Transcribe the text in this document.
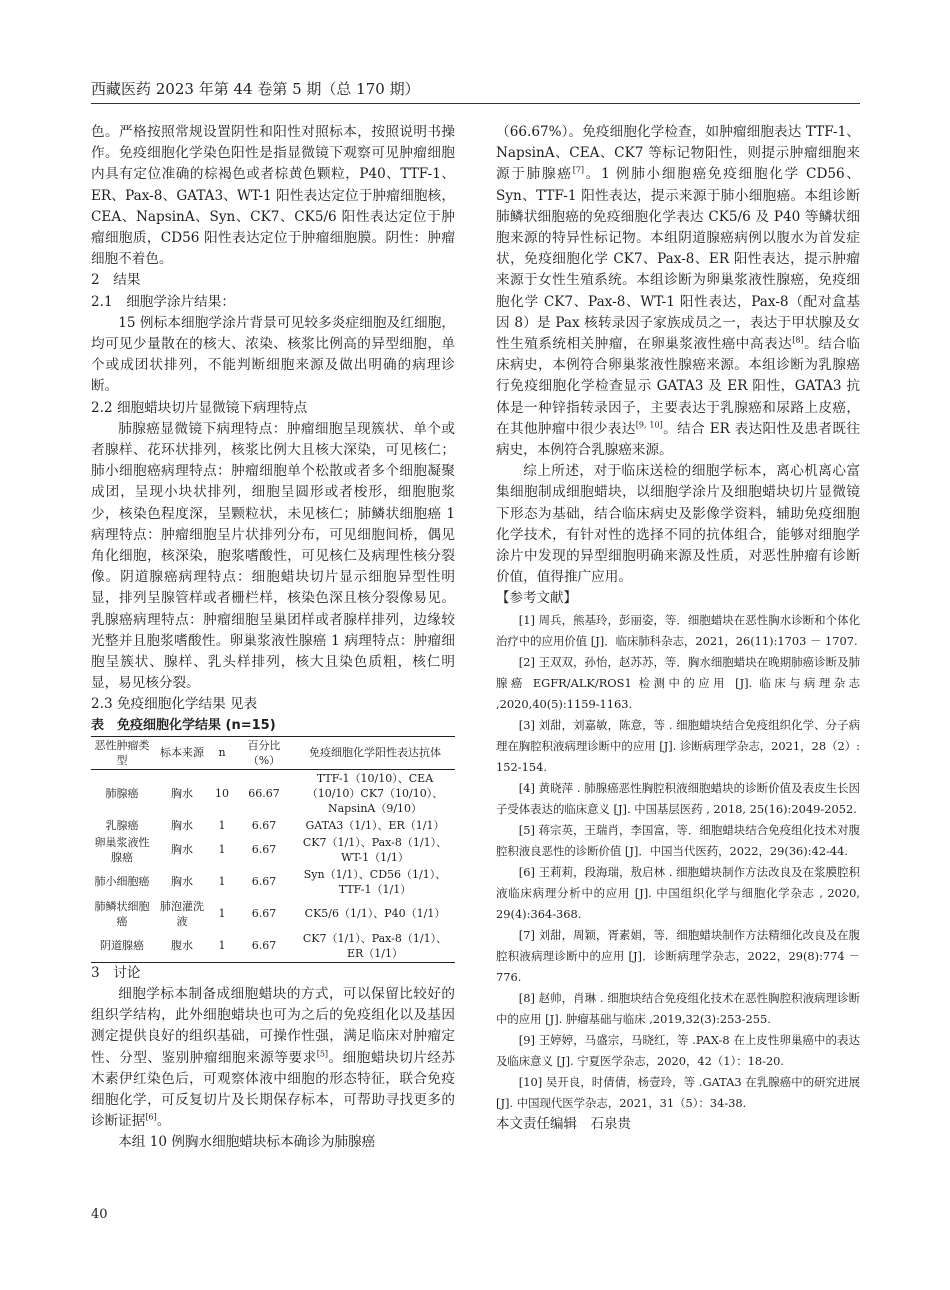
西藏医药 2023 年第 44 卷第 5 期（总 170 期）

色。严格按照常规设置阴性和阳性对照标本，按照说明书操作。免疫细胞化学染色阳性是指显微镜下观察可见肿瘤细胞内具有定位准确的棕褐色或者棕黄色颗粒，P40、TTF-1、ER、Pax-8、GATA3、WT-1 阳性表达定位于肿瘤细胞核，CEA、NapsinA、Syn、CK7、CK5/6 阳性表达定位于肿瘤细胞质，CD56 阳性表达定位于肿瘤细胞膜。阴性：肿瘤细胞不着色。

2　结果

2.1　细胞学涂片结果：

15 例标本细胞学涂片背景可见较多炎症细胞及红细胞，均可见少量散在的核大、浓染、核浆比例高的异型细胞，单个或成团状排列，不能判断细胞来源及做出明确的病理诊断。

2.2 细胞蜡块切片显微镜下病理特点

肺腺癌显微镜下病理特点：肿瘤细胞呈现簇状、单个或者腺样、花环状排列，核浆比例大且核大深染，可见核仁；肺小细胞癌病理特点：肿瘤细胞单个松散或者多个细胞凝聚成团，呈现小块状排列，细胞呈圆形或者梭形，细胞胞浆少，核染色程度深，呈颗粒状，未见核仁；肺鳞状细胞癌 1 病理特点：肿瘤细胞呈片状排列分布，可见细胞间桥，偶见角化细胞，核深染，胞浆嗜酸性，可见核仁及病理性核分裂像。阴道腺癌病理特点：细胞蜡块切片显示细胞异型性明显，排列呈腺管样或者栅栏样，核染色深且核分裂像易见。乳腺癌病理特点：肿瘤细胞呈巢团样或者腺样排列，边缘较光整并且胞浆嗜酸性。卵巢浆液性腺癌 1 病理特点：肿瘤细胞呈簇状、腺样、乳头样排列，核大且染色质粗，核仁明显，易见核分裂。

2.3 免疫细胞化学结果 见表

表　免疫细胞化学结果 (n=15)

恶性肿瘤类型	标本来源	n	百分比（%）	免疫细胞化学阳性表达抗体
肺腺癌	胸水	10	66.67	TTF-1（10/10）、CEA（10/10）CK7（10/10）、NapsinA（9/10）
乳腺癌	胸水	1	6.67	GATA3（1/1）、ER（1/1）
卵巢浆液性腺癌	胸水	1	6.67	CK7（1/1）、Pax-8（1/1）、WT-1（1/1）
肺小细胞癌	胸水	1	6.67	Syn（1/1）、CD56（1/1）、TTF-1（1/1）
肺鳞状细胞癌	肺泡灌洗液	1	6.67	CK5/6（1/1）、P40（1/1）
阴道腺癌	腹水	1	6.67	CK7（1/1）、Pax-8（1/1）、ER（1/1）

3　讨论

细胞学标本制备成细胞蜡块的方式，可以保留比较好的组织学结构，此外细胞蜡块也可为之后的免疫组化以及基因测定提供良好的组织基础，可操作性强，满足临床对肿瘤定性、分型、鉴别肿瘤细胞来源等要求[5]。细胞蜡块切片经苏木素伊红染色后，可观察体液中细胞的形态特征，联合免疫细胞化学，可反复切片及长期保存标本，可帮助寻找更多的诊断证据[6]。

本组 10 例胸水细胞蜡块标本确诊为肺腺癌

（66.67%）。免疫细胞化学检查，如肿瘤细胞表达 TTF-1、NapsinA、CEA、CK7 等标记物阳性，则提示肿瘤细胞来源于肺腺癌[7]。1 例肺小细胞癌免疫细胞化学 CD56、Syn、TTF-1 阳性表达，提示来源于肺小细胞癌。本组诊断肺鳞状细胞癌的免疫细胞化学表达 CK5/6 及 P40 等鳞状细胞来源的特异性标记物。本组阴道腺癌病例以腹水为首发症状，免疫细胞化学 CK7、Pax-8、ER 阳性表达，提示肿瘤来源于女性生殖系统。本组诊断为卵巢浆液性腺癌，免疫细胞化学 CK7、Pax-8、WT-1 阳性表达，Pax-8（配对盒基因 8）是 Pax 核转录因子家族成员之一，表达于甲状腺及女性生殖系统相关肿瘤，在卵巢浆液性癌中高表达[8]。结合临床病史，本例符合卵巢浆液性腺癌来源。本组诊断为乳腺癌行免疫细胞化学检查显示 GATA3 及 ER 阳性，GATA3 抗体是一种锌指转录因子，主要表达于乳腺癌和尿路上皮癌，在其他肿瘤中很少表达[9, 10]。结合 ER 表达阳性及患者既往病史，本例符合乳腺癌来源。

综上所述，对于临床送检的细胞学标本，离心机离心富集细胞制成细胞蜡块，以细胞学涂片及细胞蜡块切片显微镜下形态为基础，结合临床病史及影像学资料，辅助免疫细胞化学技术，有针对性的选择不同的抗体组合，能够对细胞学涂片中发现的异型细胞明确来源及性质，对恶性肿瘤有诊断价值，值得推广应用。

【参考文献】

[1] 周兵，熊基玲，彭丽姿，等．细胞蜡块在恶性胸水诊断和个体化治疗中的应用价值 [J]．临床肺科杂志，2021，26(11):1703 － 1707.

[2] 王双双，孙怡，赵苏苏，等．胸水细胞蜡块在晚期肺癌诊断及肺腺癌 EGFR/ALK/ROS1 检测中的应用 [J]. 临床与病理杂志 ,2020,40(5):1159-1163.

[3] 刘甜，刘嘉敏，陈意，等 . 细胞蜡块结合免疫组织化学、分子病理在胸腔积液病理诊断中的应用 [J]. 诊断病理学杂志，2021，28（2）: 152-154.

[4] 黄晓萍 . 肺腺癌恶性胸腔积液细胞蜡块的诊断价值及表皮生长因子受体表达的临床意义 [J]. 中国基层医药 , 2018, 25(16):2049-2052.

[5] 蒋宗英，王瑞肖，李国富，等．细胞蜡块结合免疫组化技术对腹腔积液良恶性的诊断价值 [J]．中国当代医药，2022，29(36):42-44.

[6] 王莉莉，段海瑞，敖启林 . 细胞蜡块制作方法改良及在浆膜腔积液临床病理分析中的应用 [J]. 中国组织化学与细胞化学杂志 , 2020, 29(4):364-368.

[7] 刘甜，周颖，胥素娟，等．细胞蜡块制作方法精细化改良及在腹腔积液病理诊断中的应用 [J]．诊断病理学杂志，2022，29(8):774 － 776.

[8] 赵帅，肖琳 . 细胞块结合免疫组化技术在恶性胸腔积液病理诊断中的应用 [J]. 肿瘤基础与临床 ,2019,32(3):253-255.

[9] 王婷婷，马盛宗，马晓红，等 .PAX-8 在上皮性卵巢癌中的表达及临床意义 [J]. 宁夏医学杂志，2020，42（1）：18-20.

[10] 吴开良，时倩倩，杨壹玲，等 .GATA3 在乳腺癌中的研究进展 [J]. 中国现代医学杂志，2021，31（5）：34-38.

本文责任编辑　石泉贵

40
